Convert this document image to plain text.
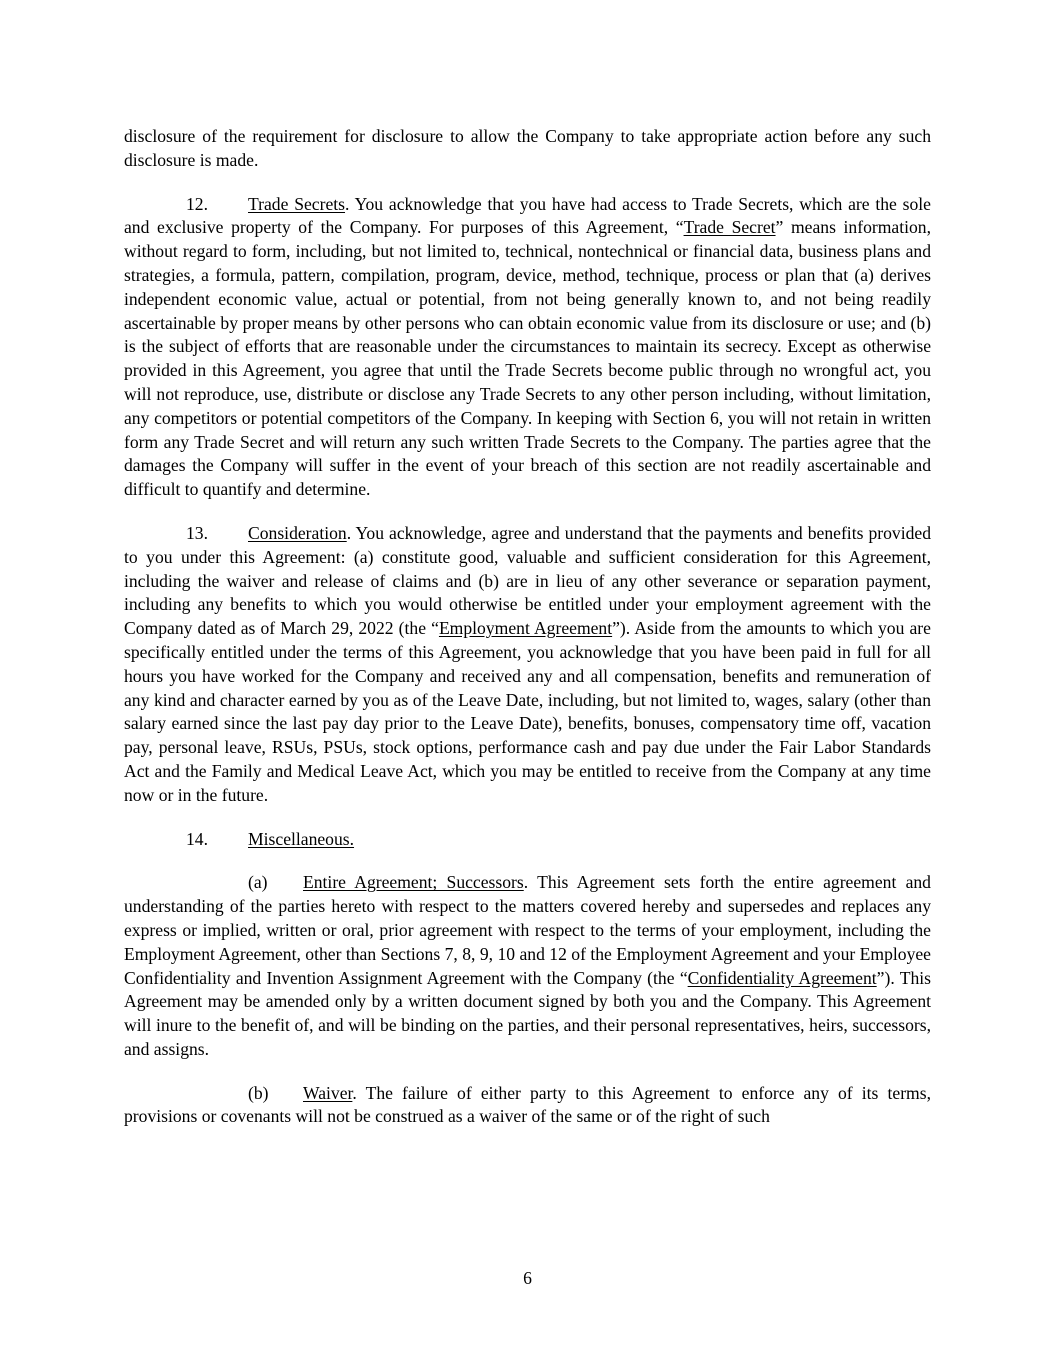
disclosure of the requirement for disclosure to allow the Company to take appropriate action before any such disclosure is made.

12. Trade Secrets. You acknowledge that you have had access to Trade Secrets, which are the sole and exclusive property of the Company. For purposes of this Agreement, “Trade Secret” means information, without regard to form, including, but not limited to, technical, nontechnical or financial data, business plans and strategies, a formula, pattern, compilation, program, device, method, technique, process or plan that (a) derives independent economic value, actual or potential, from not being generally known to, and not being readily ascertainable by proper means by other persons who can obtain economic value from its disclosure or use; and (b) is the subject of efforts that are reasonable under the circumstances to maintain its secrecy. Except as otherwise provided in this Agreement, you agree that until the Trade Secrets become public through no wrongful act, you will not reproduce, use, distribute or disclose any Trade Secrets to any other person including, without limitation, any competitors or potential competitors of the Company. In keeping with Section 6, you will not retain in written form any Trade Secret and will return any such written Trade Secrets to the Company. The parties agree that the damages the Company will suffer in the event of your breach of this section are not readily ascertainable and difficult to quantify and determine.

13. Consideration. You acknowledge, agree and understand that the payments and benefits provided to you under this Agreement: (a) constitute good, valuable and sufficient consideration for this Agreement, including the waiver and release of claims and (b) are in lieu of any other severance or separation payment, including any benefits to which you would otherwise be entitled under your employment agreement with the Company dated as of March 29, 2022 (the “Employment Agreement”). Aside from the amounts to which you are specifically entitled under the terms of this Agreement, you acknowledge that you have been paid in full for all hours you have worked for the Company and received any and all compensation, benefits and remuneration of any kind and character earned by you as of the Leave Date, including, but not limited to, wages, salary (other than salary earned since the last pay day prior to the Leave Date), benefits, bonuses, compensatory time off, vacation pay, personal leave, RSUs, PSUs, stock options, performance cash and pay due under the Fair Labor Standards Act and the Family and Medical Leave Act, which you may be entitled to receive from the Company at any time now or in the future.

14. Miscellaneous.

(a) Entire Agreement; Successors. This Agreement sets forth the entire agreement and understanding of the parties hereto with respect to the matters covered hereby and supersedes and replaces any express or implied, written or oral, prior agreement with respect to the terms of your employment, including the Employment Agreement, other than Sections 7, 8, 9, 10 and 12 of the Employment Agreement and your Employee Confidentiality and Invention Assignment Agreement with the Company (the “Confidentiality Agreement”). This Agreement may be amended only by a written document signed by both you and the Company. This Agreement will inure to the benefit of, and will be binding on the parties, and their personal representatives, heirs, successors, and assigns.

(b) Waiver. The failure of either party to this Agreement to enforce any of its terms, provisions or covenants will not be construed as a waiver of the same or of the right of such

6
